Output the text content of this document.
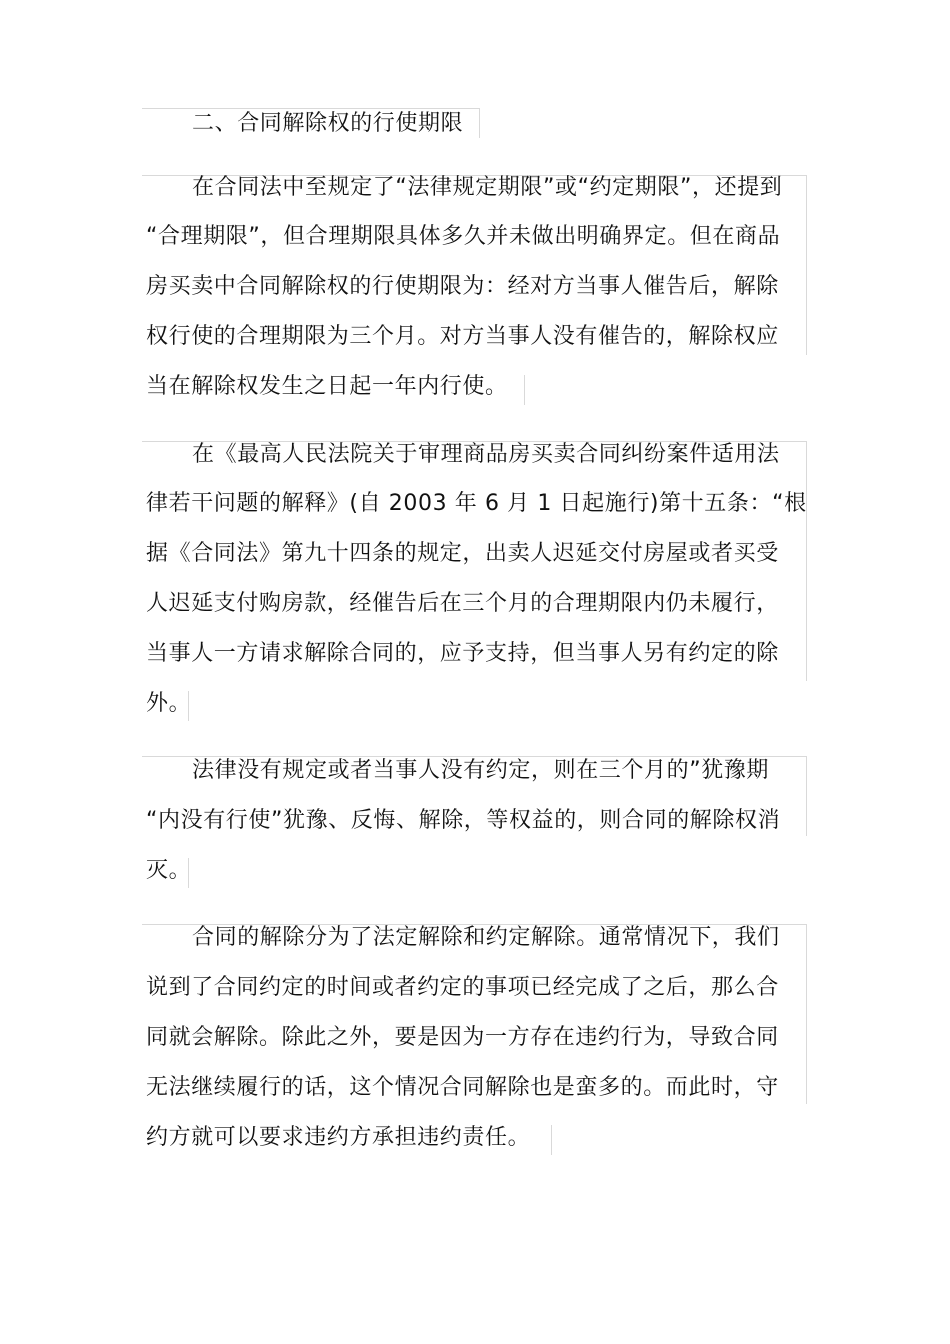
二、合同解除权的行使期限
在合同法中至规定了“法律规定期限”或“约定期限”，还提到
“合理期限”，但合理期限具体多久并未做出明确界定。但在商品
房买卖中合同解除权的行使期限为：经对方当事人催告后，解除
权行使的合理期限为三个月。对方当事人没有催告的，解除权应
当在解除权发生之日起一年内行使。
在《最高人民法院关于审理商品房买卖合同纠纷案件适用法
律若干问题的解释》(自 2003 年 6 月 1 日起施行)第十五条：“根
据《合同法》第九十四条的规定，出卖人迟延交付房屋或者买受
人迟延支付购房款，经催告后在三个月的合理期限内仍未履行，
当事人一方请求解除合同的，应予支持，但当事人另有约定的除
外。
法律没有规定或者当事人没有约定，则在三个月的”犹豫期
“内没有行使”犹豫、反悔、解除，等权益的，则合同的解除权消
灭。
合同的解除分为了法定解除和约定解除。通常情况下，我们
说到了合同约定的时间或者约定的事项已经完成了之后，那么合
同就会解除。除此之外，要是因为一方存在违约行为，导致合同
无法继续履行的话，这个情况合同解除也是蛮多的。而此时，守
约方就可以要求违约方承担违约责任。
